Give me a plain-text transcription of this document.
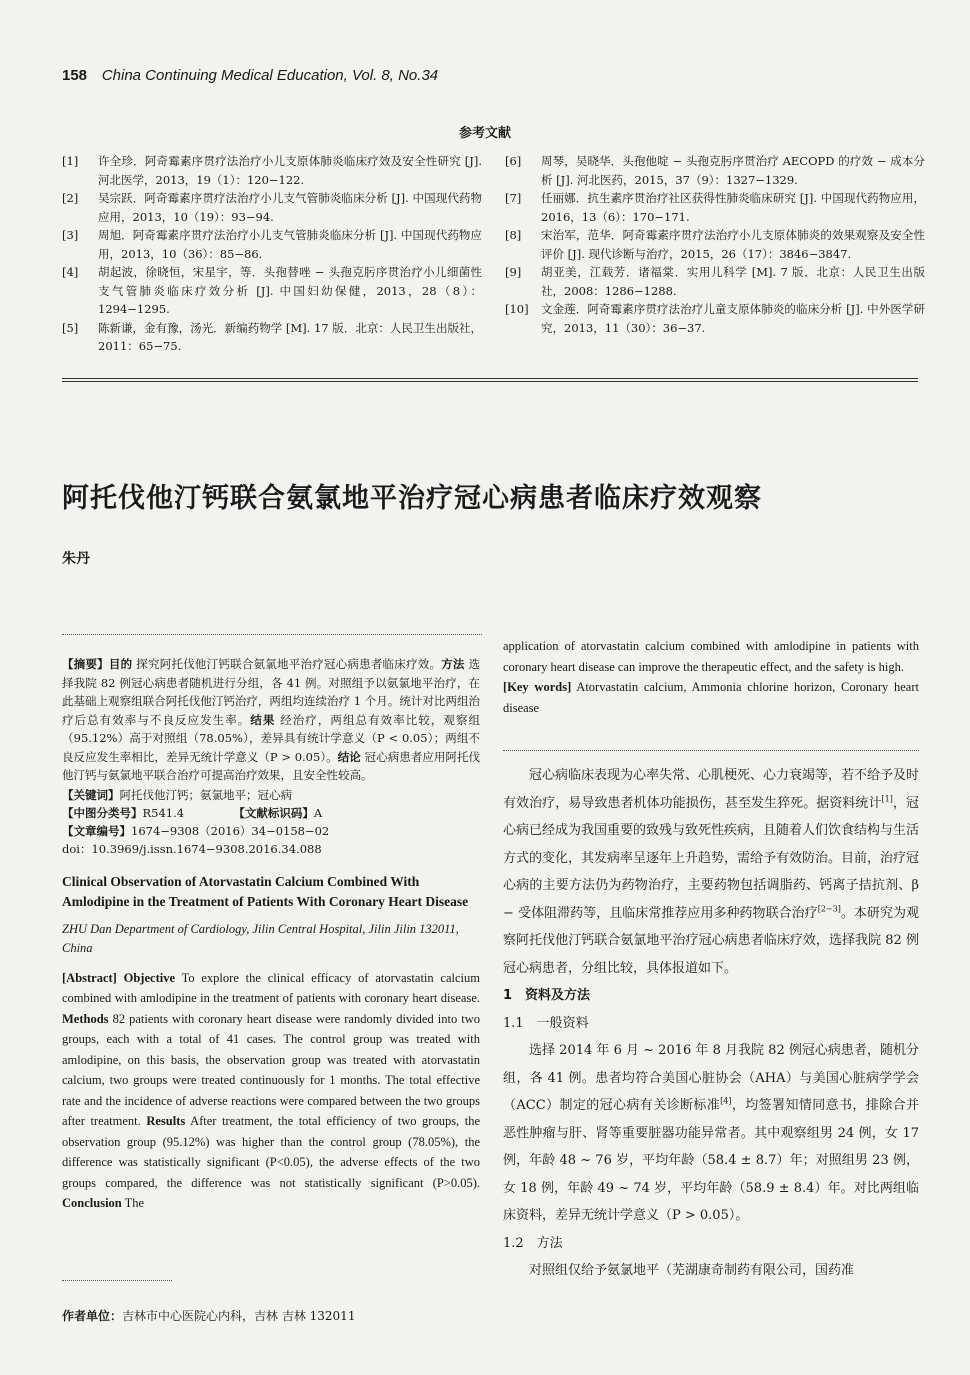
158 China Continuing Medical Education, Vol. 8, No.34
参考文献
[1]	许全珍．阿奇霉素序贯疗法治疗小儿支原体肺炎临床疗效及安全性研究 [J]. 河北医学，2013，19（1）：120−122.
[2]	吴宗跃．阿奇霉素序贯疗法治疗小儿支气管肺炎临床分析 [J]. 中国现代药物应用，2013，10（19）：93−94.
[3]	周旭．阿奇霉素序贯疗法治疗小儿支气管肺炎临床分析 [J]. 中国现代药物应用，2013，10（36）：85−86.
[4]	胡起波，徐晓恒，宋星宇，等．头孢替唑 − 头孢克肟序贯治疗小儿细菌性支气管肺炎临床疗效分析 [J]. 中国妇幼保健，2013，28（8）：1294−1295.
[5]	陈新谦，金有豫，汤光．新编药物学 [M]. 17 版．北京：人民卫生出版社，2011：65−75.
[6]	周琴，吴晓华．头孢他啶 − 头孢克肟序贯治疗 AECOPD 的疗效 − 成本分析 [J]. 河北医药，2015，37（9）：1327−1329.
[7]	任丽娜．抗生素序贯治疗社区获得性肺炎临床研究 [J]. 中国现代药物应用，2016，13（6）：170−171.
[8]	宋治军，范华．阿奇霉素序贯疗法治疗小儿支原体肺炎的效果观察及安全性评价 [J]. 现代诊断与治疗，2015，26（17）：3846−3847.
[9]	胡亚美，江载芳．诸福棠．实用儿科学 [M]. 7 版．北京：人民卫生出版社，2008：1286−1288.
[10]	文金莲．阿奇霉素序贯疗法治疗儿童支原体肺炎的临床分析 [J]. 中外医学研究，2013，11（30）：36−37.
阿托伐他汀钙联合氨氯地平治疗冠心病患者临床疗效观察
朱丹

【摘要】目的 探究阿托伐他汀钙联合氨氯地平治疗冠心病患者临床疗效。方法 选择我院 82 例冠心病患者随机进行分组，各 41 例。对照组予以氨氯地平治疗，在此基础上观察组联合阿托伐他汀钙治疗，两组均连续治疗 1 个月。统计对比两组治疗后总有效率与不良反应发生率。结果 经治疗，两组总有效率比较，观察组（95.12%）高于对照组（78.05%），差异具有统计学意义（P < 0.05）；两组不良反应发生率相比，差异无统计学意义（P > 0.05）。结论 冠心病患者应用阿托伐他汀钙与氨氯地平联合治疗可提高治疗效果，且安全性较高。

【关键词】阿托伐他汀钙；氨氯地平；冠心病
【中图分类号】R541.4	【文献标识码】A
【文章编号】1674−9308（2016）34−0158−02
doi：10.3969/j.issn.1674−9308.2016.34.088
Clinical Observation of Atorvastatin Calcium Combined With Amlodipine in the Treatment of Patients With Coronary Heart Disease
ZHU Dan Department of Cardiology, Jilin Central Hospital, Jilin Jilin 132011, China

[Abstract] Objective To explore the clinical efficacy of atorvastatin calcium combined with amlodipine in the treatment of patients with coronary heart disease. Methods 82 patients with coronary heart disease were randomly divided into two groups, each with a total of 41 cases. The control group was treated with amlodipine, on this basis, the observation group was treated with atorvastatin calcium, two groups were treated continuously for 1 months. The total effective rate and the incidence of adverse reactions were compared between the two groups after treatment. Results After treatment, the total efficiency of two groups, the observation group (95.12%) was higher than the control group (78.05%), the difference was statistically significant (P<0.05), the adverse effects of the two groups compared, the difference was not statistically significant (P>0.05). Conclusion The

application of atorvastatin calcium combined with amlodipine in patients with coronary heart disease can improve the therapeutic effect, and the safety is high.
[Key words] Atorvastatin calcium, Ammonia chlorine horizon, Coronary heart disease

冠心病临床表现为心率失常、心肌梗死、心力衰竭等，若不给予及时有效治疗，易导致患者机体功能损伤，甚至发生猝死。据资料统计[1]，冠心病已经成为我国重要的致残与致死性疾病，且随着人们饮食结构与生活方式的变化，其发病率呈逐年上升趋势，需给予有效防治。目前，治疗冠心病的主要方法仍为药物治疗，主要药物包括调脂药、钙离子拮抗剂、β − 受体阻滞药等，且临床常推荐应用多种药物联合治疗[2−3]。本研究为观察阿托伐他汀钙联合氨氯地平治疗冠心病患者临床疗效，选择我院 82 例冠心病患者，分组比较，具体报道如下。

1　资料及方法
1.1　一般资料

选择 2014 年 6 月 ~ 2016 年 8 月我院 82 例冠心病患者，随机分组，各 41 例。患者均符合美国心脏协会（AHA）与美国心脏病学学会（ACC）制定的冠心病有关诊断标准[4]，均签署知情同意书，排除合并恶性肿瘤与肝、肾等重要脏器功能异常者。其中观察组男 24 例，女 17 例，年龄 48 ~ 76 岁，平均年龄（58.4 ± 8.7）年；对照组男 23 例，女 18 例，年龄 49 ~ 74 岁，平均年龄（58.9 ± 8.4）年。对比两组临床资料，差异无统计学意义（P > 0.05）。

1.2　方法

对照组仅给予氨氯地平（芜湖康奇制药有限公司，国药准

作者单位：吉林市中心医院心内科，吉林 吉林 132011
